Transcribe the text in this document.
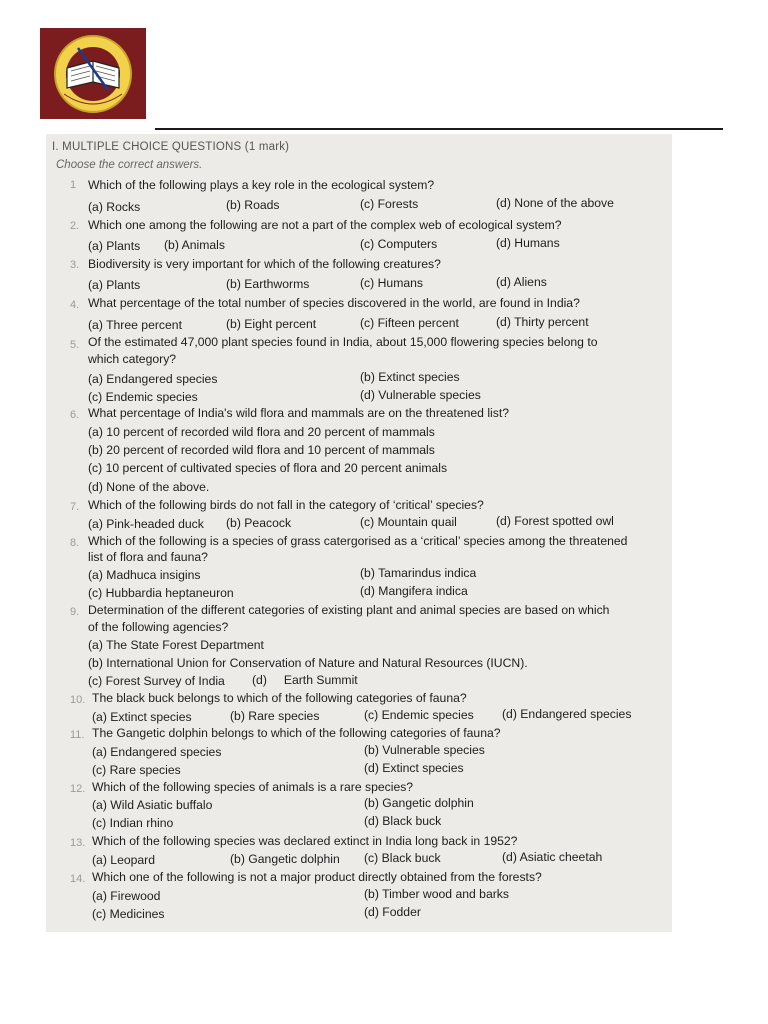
I. MULTIPLE CHOICE QUESTIONS (1 mark)
Choose the correct answers.
1 Which of the following plays a key role in the ecological system?
(a) Rocks	(b) Roads	(c) Forests	(d) None of the above
2. Which one among the following are not a part of the complex web of ecological system?
(a) Plants (b) Animals	(c) Computers	(d) Humans
3. Biodiversity is very important for which of the following creatures?
(a) Plants	(b) Earthworms	(c) Humans	(d) Aliens
4. What percentage of the total number of species discovered in the world, are found in India?
(a) Three percent	(b) Eight percent	(c) Fifteen percent	(d) Thirty percent
5. Of the estimated 47,000 plant species found in India, about 15,000 flowering species belong to
which category?
(a) Endangered species	(b) Extinct species
(c) Endemic species	(d) Vulnerable species
6. What percentage of India's wild flora and mammals are on the threatened list?
(a) 10 percent of recorded wild flora and 20 percent of mammals
(b) 20 percent of recorded wild flora and 10 percent of mammals
(c) 10 percent of cultivated species of flora and 20 percent animals
(d) None of the above.
7. Which of the following birds do not fall in the category of ‘critical’ species?
(a) Pink-headed duck (b) Peacock	(c) Mountain quail	(d) Forest spotted owl
8. Which of the following is a species of grass catergorised as a ‘critical’ species among the threatened
list of flora and fauna?
(a) Madhuca insigins	(b) Tamarindus indica
(c) Hubbardia heptaneuron	(d) Mangifera indica
9. Determination of the different categories of existing plant and animal species are based on which
of the following agencies?
(a) The State Forest Department
(b) International Union for Conservation of Nature and Natural Resources (IUCN).
(c) Forest Survey of India (d) Earth Summit
10. The black buck belongs to which of the following categories of fauna?
(a) Extinct species	(b) Rare species	(c) Endemic species (d) Endangered species
11. The Gangetic dolphin belongs to which of the following categories of fauna?
(a) Endangered species	(b) Vulnerable species
(c) Rare species	(d) Extinct species
12. Which of the following species of animals is a rare species?
(a) Wild Asiatic buffalo	(b) Gangetic dolphin
(c) Indian rhino	(d) Black buck
13. Which of the following species was declared extinct in India long back in 1952?
(a) Leopard	(b) Gangetic dolphin (c) Black buck	(d) Asiatic cheetah
14. Which one of the following is not a major product directly obtained from the forests?
(a) Firewood	(b) Timber wood and barks
(c) Medicines	(d) Fodder
